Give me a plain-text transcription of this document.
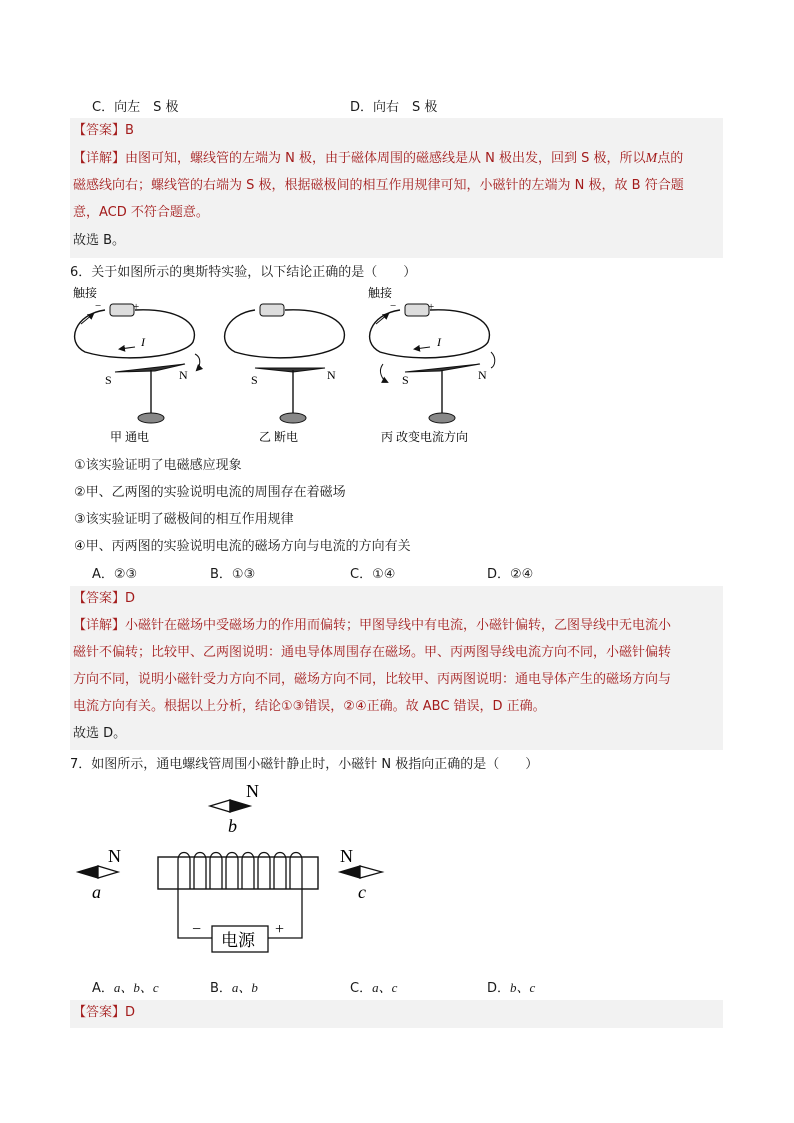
C．向左　S 极	D．向右　S 极
【答案】B
【详解】由图可知，螺线管的左端为 N 极，由于磁体周围的磁感线是从 N 极出发，回到 S 极，所以M点的
磁感线向右；螺线管的右端为 S 极，根据磁极间的相互作用规律可知，小磁针的左端为 N 极，故 B 符合题
意，ACD 不符合题意。
故选 B。
6．关于如图所示的奥斯特实验，以下结论正确的是（　　）
触接
−	+
I
S	N
甲 通电
S	N
乙 断电
触接
−	+
I
S	N
丙 改变电流方向
①该实验证明了电磁感应现象
②甲、乙两图的实验说明电流的周围存在着磁场
③该实验证明了磁极间的相互作用规律
④甲、丙两图的实验说明电流的磁场方向与电流的方向有关
A．②③	B．①③	C．①④	D．②④
【答案】D
【详解】小磁针在磁场中受磁场力的作用而偏转；甲图导线中有电流，小磁针偏转，乙图导线中无电流小
磁针不偏转；比较甲、乙两图说明：通电导体周围存在磁场。甲、丙两图导线电流方向不同，小磁针偏转
方向不同，说明小磁针受力方向不同，磁场方向不同，比较甲、丙两图说明：通电导体产生的磁场方向与
电流方向有关。根据以上分析，结论①③错误，②④正确。故 ABC 错误，D 正确。
故选 D。
7．如图所示，通电螺线管周围小磁针静止时，小磁针 N 极指向正确的是（　　）
N
b
N
a
N
c
电源
−	+
A．a、b、c	B．a、b	C．a、c	D．b、c
【答案】D
